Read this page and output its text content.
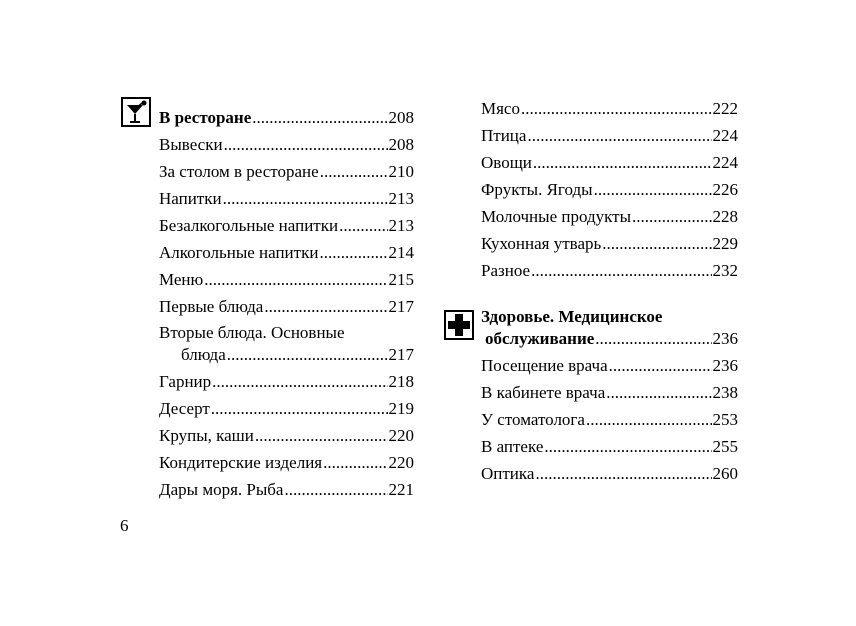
В ресторане .....	208
Вывески .....	208
За столом в ресторане .....	210
Напитки .....	213
Безалкогольные напитки .....	213
Алкогольные напитки .....	214
Меню .....	215
Первые блюда .....	217
Вторые блюда. Основные
блюда .....	217
Гарнир .....	218
Десерт .....	219
Крупы, каши .....	220
Кондитерские изделия .....	220
Дары моря. Рыба .....	221
Мясо .....	222
Птица .....	224
Овощи .....	224
Фрукты. Ягоды .....	226
Молочные продукты .....	228
Кухонная утварь .....	229
Разное .....	232
Здоровье. Медицинское
обслуживание .....	236
Посещение врача .....	236
В кабинете врача .....	238
У стоматолога .....	253
В аптеке .....	255
Оптика .....	260
6
